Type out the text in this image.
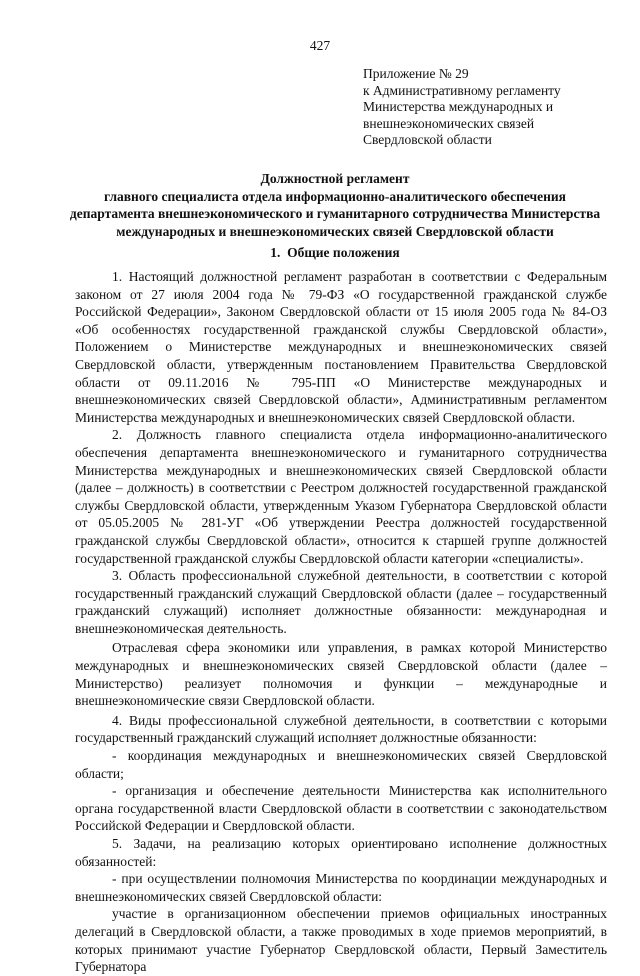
427
Приложение № 29
к Административному регламенту
Министерства международных и
внешнеэкономических связей
Свердловской области
Должностной регламент
главного специалиста отдела информационно-аналитического обеспечения департамента внешнеэкономического и гуманитарного сотрудничества Министерства международных и внешнеэкономических связей Свердловской области
1. Общие положения

1. Настоящий должностной регламент разработан в соответствии с Федеральным законом от 27 июля 2004 года № 79-ФЗ «О государственной гражданской службе Российской Федерации», Законом Свердловской области от 15 июля 2005 года № 84-ОЗ «Об особенностях государственной гражданской службы Свердловской области», Положением о Министерстве международных и внешнеэкономических связей Свердловской области, утвержденным постановлением Правительства Свердловской области от 09.11.2016 № 795-ПП «О Министерстве международных и внешнеэкономических связей Свердловской области», Административным регламентом Министерства международных и внешнеэкономических связей Свердловской области.

2. Должность главного специалиста отдела информационно-аналитического обеспечения департамента внешнеэкономического и гуманитарного сотрудничества Министерства международных и внешнеэкономических связей Свердловской области (далее – должность) в соответствии с Реестром должностей государственной гражданской службы Свердловской области, утвержденным Указом Губернатора Свердловской области от 05.05.2005 № 281-УГ «Об утверждении Реестра должностей государственной гражданской службы Свердловской области», относится к старшей группе должностей государственной гражданской службы Свердловской области категории «специалисты».

3. Область профессиональной служебной деятельности, в соответствии с которой государственный гражданский служащий Свердловской области (далее – государственный гражданский служащий) исполняет должностные обязанности: международная и внешнеэкономическая деятельность.

Отраслевая сфера экономики или управления, в рамках которой Министерство международных и внешнеэкономических связей Свердловской области (далее – Министерство) реализует полномочия и функции – международные и внешнеэкономические связи Свердловской области.

4. Виды профессиональной служебной деятельности, в соответствии с которыми государственный гражданский служащий исполняет должностные обязанности:

- координация международных и внешнеэкономических связей Свердловской области;

- организация и обеспечение деятельности Министерства как исполнительного органа государственной власти Свердловской области в соответствии с законодательством Российской Федерации и Свердловской области.

5. Задачи, на реализацию которых ориентировано исполнение должностных обязанностей:

- при осуществлении полномочия Министерства по координации международных и внешнеэкономических связей Свердловской области:

участие в организационном обеспечении приемов официальных иностранных делегаций в Свердловской области, а также проводимых в ходе приемов мероприятий, в которых принимают участие Губернатор Свердловской области, Первый Заместитель Губернатора
